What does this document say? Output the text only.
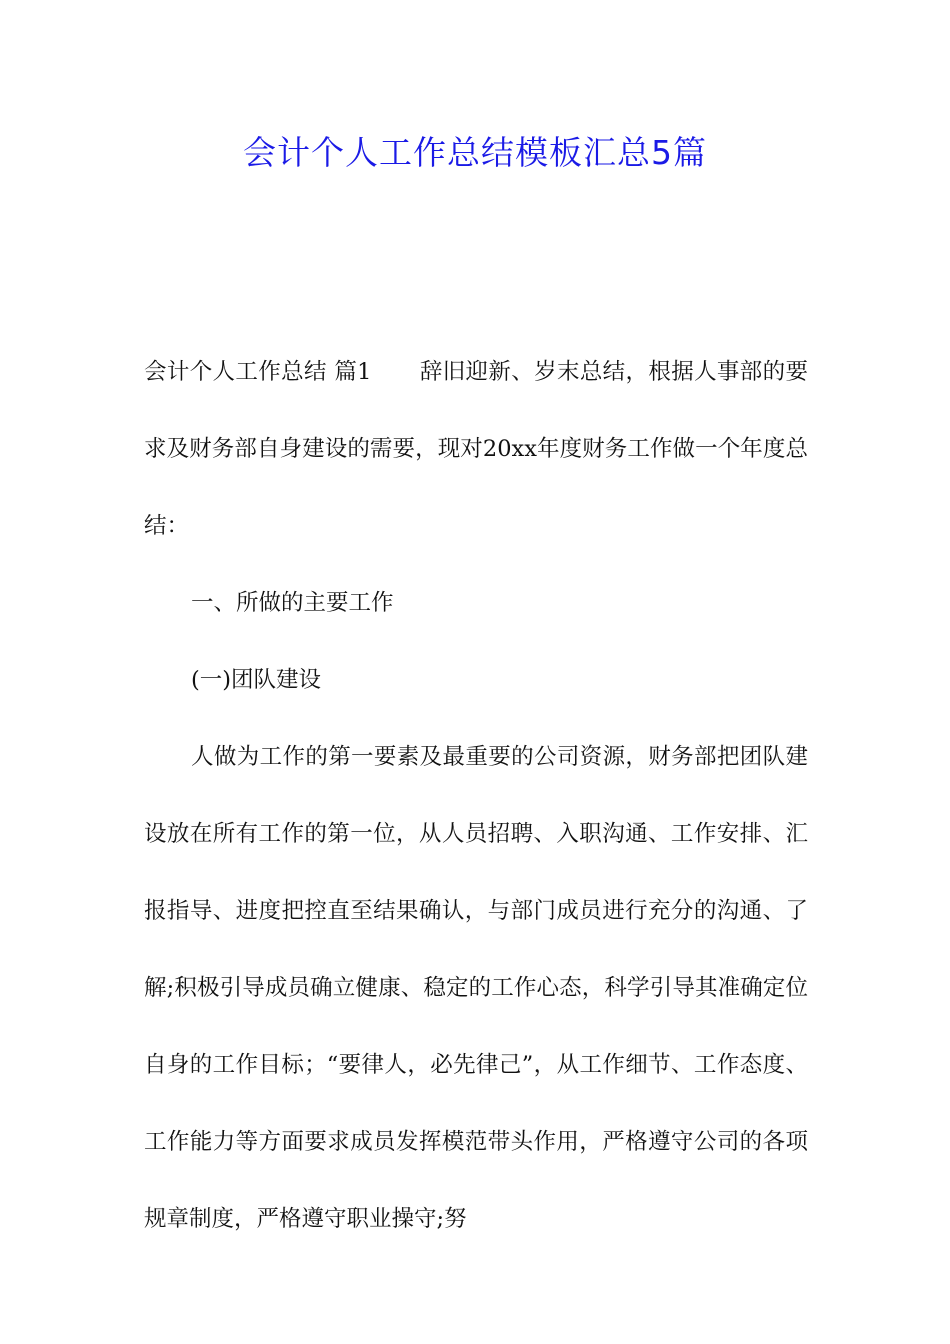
会计个人工作总结模板汇总5篇

会计个人工作总结 篇1 辞旧迎新、岁末总结，根据人事部的要求及财务部自身建设的需要，现对20xx年度财务工作做一个年度总结：

一、所做的主要工作

(一)团队建设

人做为工作的第一要素及最重要的公司资源，财务部把团队建设放在所有工作的第一位，从人员招聘、入职沟通、工作安排、汇报指导、进度把控直至结果确认，与部门成员进行充分的沟通、了解;积极引导成员确立健康、稳定的工作心态，科学引导其准确定位自身的工作目标；“要律人，必先律己”，从工作细节、工作态度、工作能力等方面要求成员发挥模范带头作用，严格遵守公司的各项规章制度，严格遵守职业操守;努
